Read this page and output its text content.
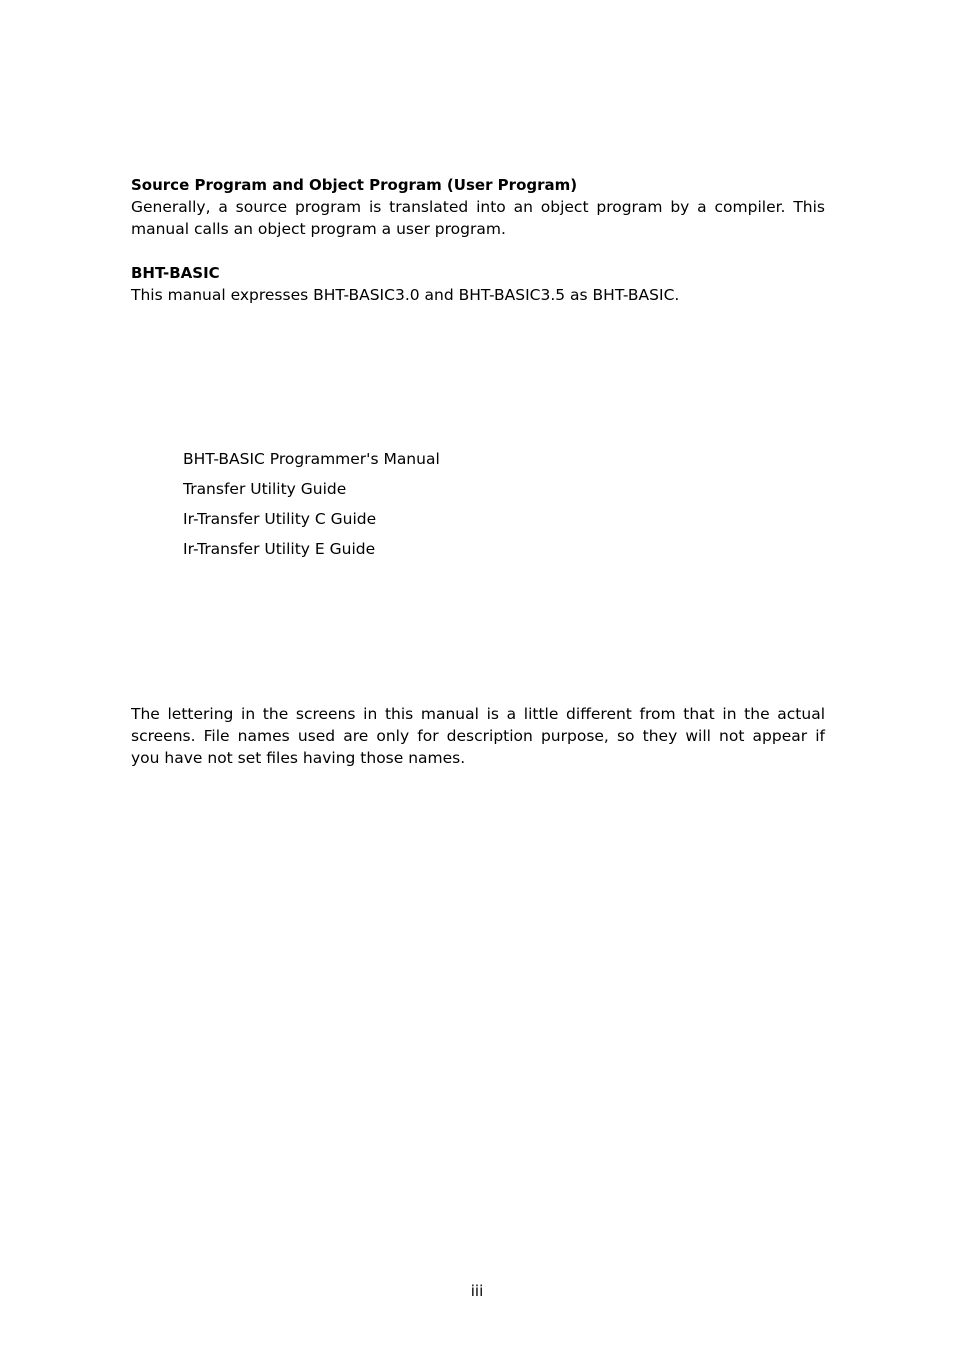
Source Program and Object Program (User Program)
Generally, a source program is translated into an object program by a compiler. This
manual calls an object program a user program.
BHT-BASIC
This manual expresses BHT-BASIC3.0 and BHT-BASIC3.5 as BHT-BASIC.
BHT-BASIC Programmer's Manual
Transfer Utility Guide
Ir-Transfer Utility C Guide
Ir-Transfer Utility E Guide
The lettering in the screens in this manual is a little different from that in the actual
screens. File names used are only for description purpose, so they will not appear if
you have not set files having those names.
iii
